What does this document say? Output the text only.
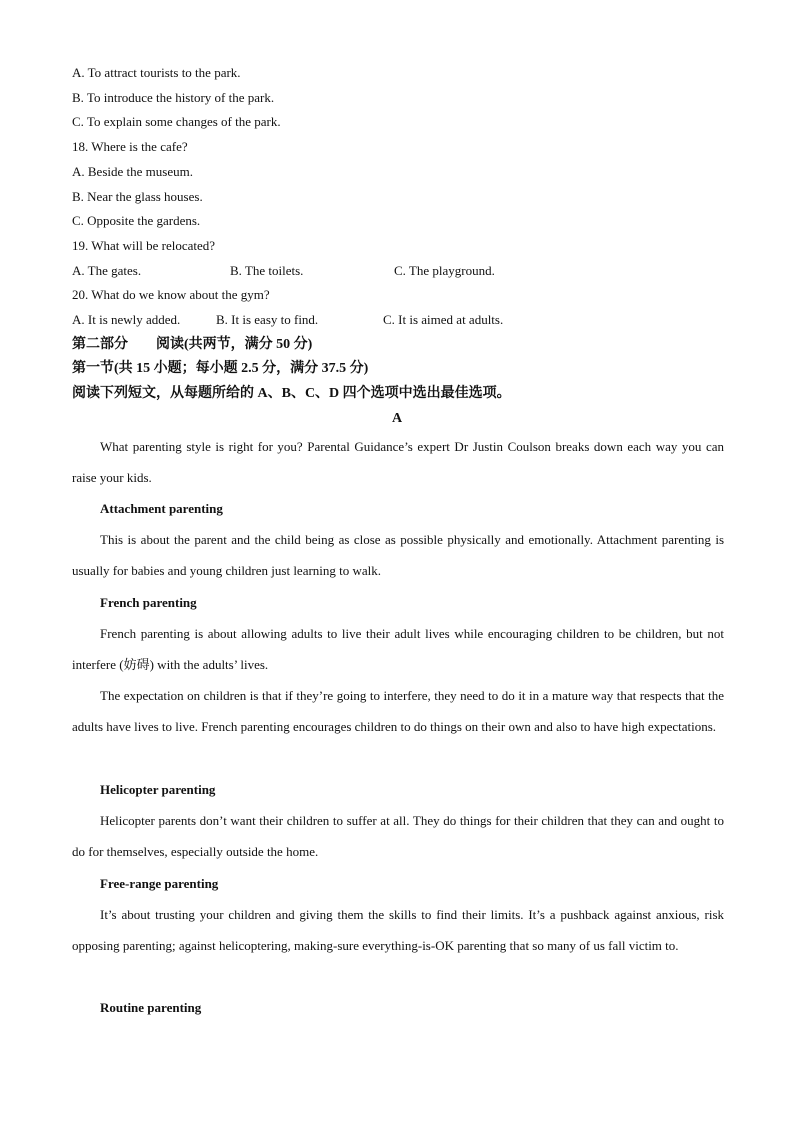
A. To attract tourists to the park.
B. To introduce the history of the park.
C. To explain some changes of the park.
18. Where is the cafe?
A. Beside the museum.
B. Near the glass houses.
C. Opposite the gardens.
19. What will be relocated?
A. The gates.	B. The toilets.	C. The playground.
20. What do we know about the gym?
A. It is newly added.	B. It is easy to find.	C. It is aimed at adults.
第二部分        阅读(共两节，满分 50 分)
第一节(共 15 小题；每小题 2.5 分，满分 37.5 分)
阅读下列短文，从每题所给的 A、B、C、D 四个选项中选出最佳选项。
A
What parenting style is right for you? Parental Guidance’s expert Dr Justin Coulson breaks down each way you can raise your kids.
Attachment parenting
This is about the parent and the child being as close as possible physically and emotionally. Attachment parenting is usually for babies and young children just learning to walk.
French parenting
French parenting is about allowing adults to live their adult lives while encouraging children to be children, but not interfere (妨碍) with the adults’ lives.
The expectation on children is that if they’re going to interfere, they need to do it in a mature way that respects that the adults have lives to live. French parenting encourages children to do things on their own and also to have high expectations.
Helicopter parenting
Helicopter parents don’t want their children to suffer at all. They do things for their children that they can and ought to do for themselves, especially outside the home.
Free-range parenting
It’s about trusting your children and giving them the skills to find their limits. It’s a pushback against anxious, risk opposing parenting; against helicoptering, making-sure everything-is-OK parenting that so many of us fall victim to.
Routine parenting
